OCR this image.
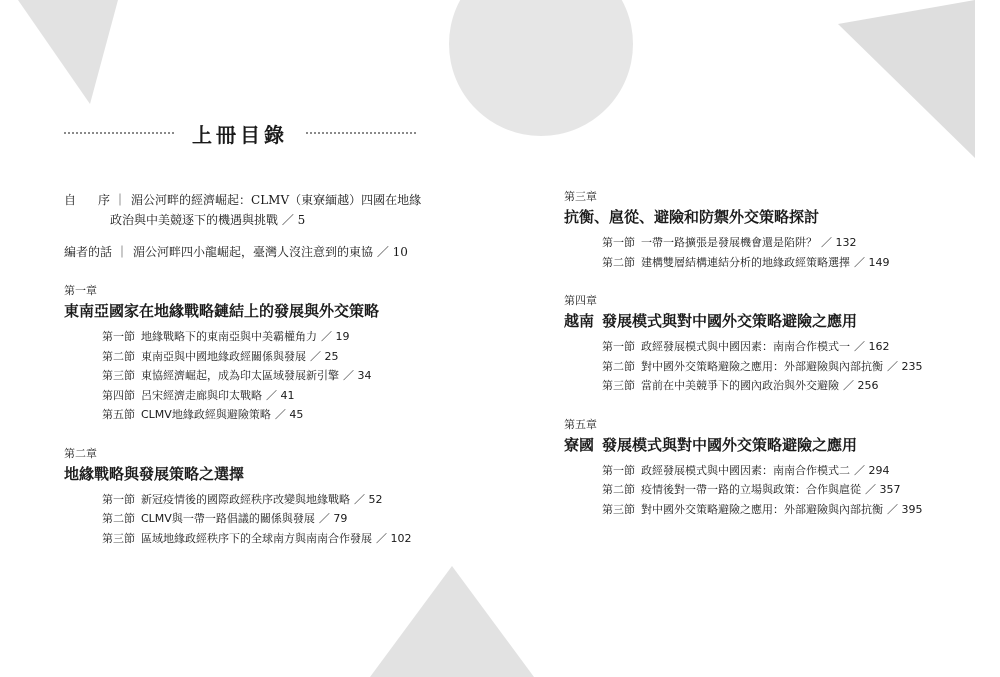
上冊目錄
自　序 ｜ 湄公河畔的經濟崛起：CLMV（東寮緬越）四國在地緣
政治與中美競逐下的機遇與挑戰 ／ 5
編者的話 ｜ 湄公河畔四小龍崛起，臺灣人沒注意到的東協 ／ 10
第一章
東南亞國家在地緣戰略鏈結上的發展與外交策略
第一節 地緣戰略下的東南亞與中美霸權角力 ／ 19
第二節 東南亞與中國地緣政經關係與發展 ／ 25
第三節 東協經濟崛起，成為印太區域發展新引擎 ／ 34
第四節 呂宋經濟走廊與印太戰略 ／ 41
第五節 CLMV地緣政經與避險策略 ／ 45
第二章
地緣戰略與發展策略之選擇
第一節 新冠疫情後的國際政經秩序改變與地緣戰略 ／ 52
第二節 CLMV與一帶一路倡議的關係與發展 ／ 79
第三節 區域地緣政經秩序下的全球南方與南南合作發展 ／ 102
第三章
抗衡、扈從、避險和防禦外交策略探討
第一節 一帶一路擴張是發展機會還是陷阱？ ／ 132
第二節 建構雙層結構連結分析的地緣政經策略選擇 ／ 149
第四章
越南 發展模式與對中國外交策略避險之應用
第一節 政經發展模式與中國因素：南南合作模式一 ／ 162
第二節 對中國外交策略避險之應用：外部避險與內部抗衡 ／ 235
第三節 當前在中美競爭下的國內政治與外交避險 ／ 256
第五章
寮國 發展模式與對中國外交策略避險之應用
第一節 政經發展模式與中國因素：南南合作模式二 ／ 294
第二節 疫情後對一帶一路的立場與政策：合作與扈從 ／ 357
第三節 對中國外交策略避險之應用：外部避險與內部抗衡 ／ 395
